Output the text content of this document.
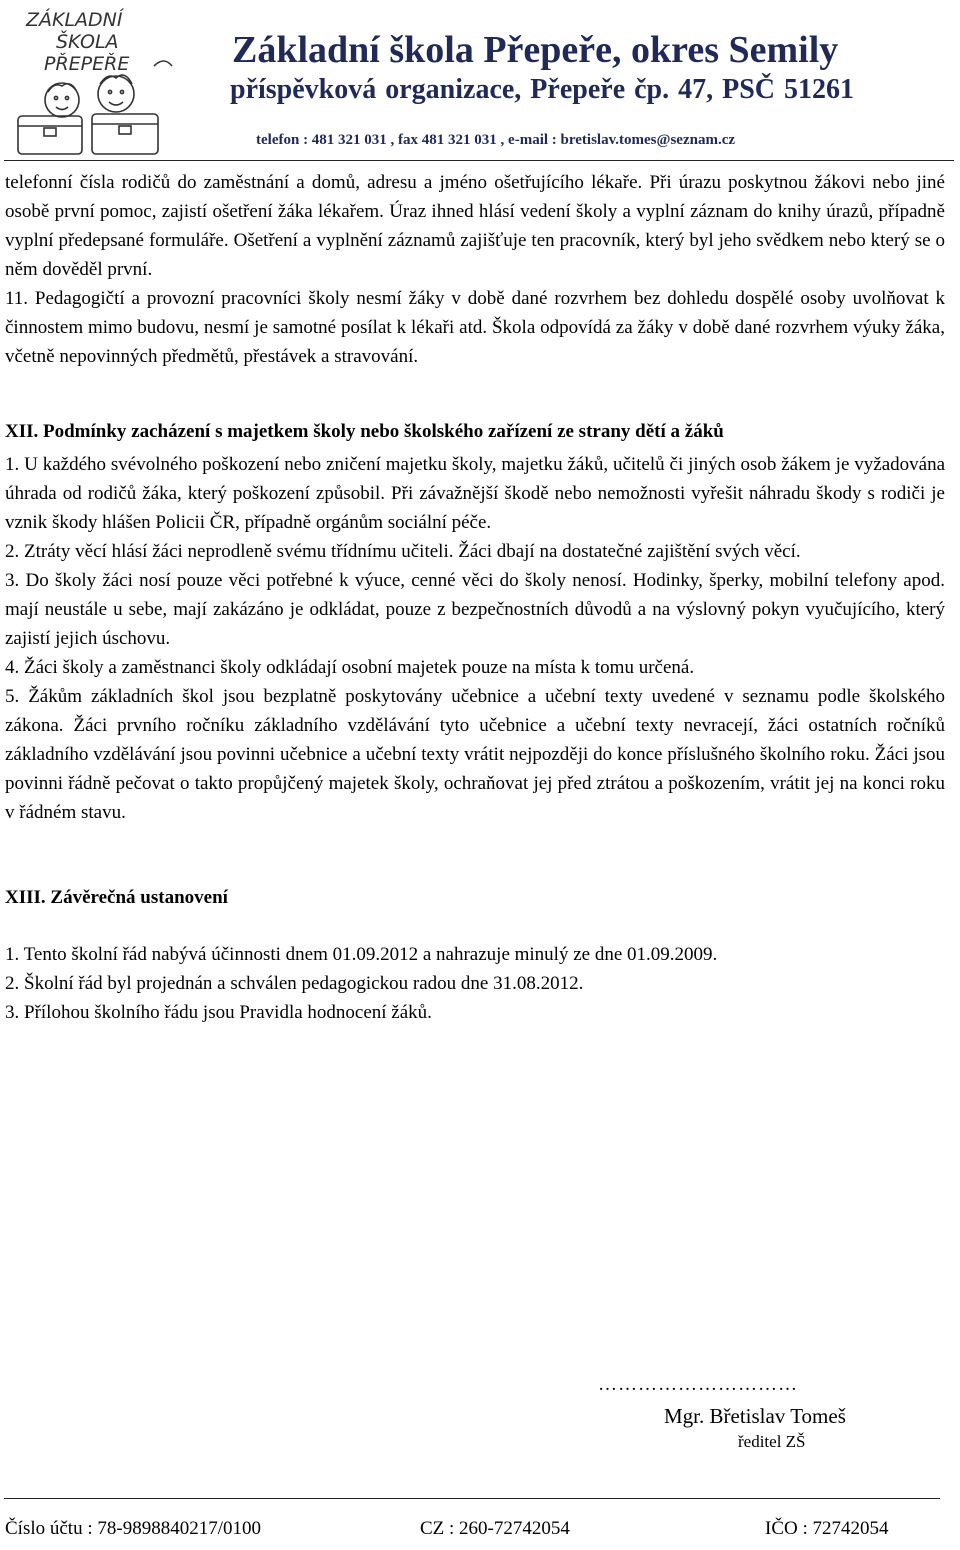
ZÁKLADNÍ
ŠKOLA
PŘEPEŘE	Základní škola Přepeře, okres Semily
příspěvková organizace, Přepeře čp. 47, PSČ 51261
telefon : 481 321 031 , fax 481 321 031 , e-mail : bretislav.tomes@seznam.cz

telefonní čísla rodičů do zaměstnání a domů, adresu a jméno ošetřujícího lékaře. Při úrazu poskytnou žákovi nebo jiné osobě první pomoc, zajistí ošetření žáka lékařem. Úraz ihned hlásí vedení školy a vyplní záznam do knihy úrazů, případně vyplní předepsané formuláře. Ošetření a vyplnění záznamů zajišťuje ten pracovník, který byl jeho svědkem nebo který se o něm dověděl první.

11. Pedagogičtí a provozní pracovníci školy nesmí žáky v době dané rozvrhem bez dohledu dospělé osoby uvolňovat k činnostem mimo budovu, nesmí je samotné posílat k lékaři atd. Škola odpovídá za žáky v době dané rozvrhem výuky žáka, včetně nepovinných předmětů, přestávek a stravování.

XII. Podmínky zacházení s majetkem školy nebo školského zařízení ze strany dětí a žáků

1. U každého svévolného poškození nebo zničení majetku školy, majetku žáků, učitelů či jiných osob žákem je vyžadována úhrada od rodičů žáka, který poškození způsobil. Při závažnější škodě nebo nemožnosti vyřešit náhradu škody s rodiči je vznik škody hlášen Policii ČR, případně orgánům sociální péče.

2. Ztráty věcí hlásí žáci neprodleně svému třídnímu učiteli. Žáci dbají na dostatečné zajištění svých věcí.

3. Do školy žáci nosí pouze věci potřebné k výuce, cenné věci do školy nenosí. Hodinky, šperky, mobilní telefony apod. mají neustále u sebe, mají zakázáno je odkládat, pouze z bezpečnostních důvodů a na výslovný pokyn vyučujícího, který zajistí jejich úschovu.

4. Žáci školy a zaměstnanci školy odkládají osobní majetek pouze na místa k tomu určená.

5. Žákům základních škol jsou bezplatně poskytovány učebnice a učební texty uvedené v seznamu podle školského zákona. Žáci prvního ročníku základního vzdělávání tyto učebnice a učební texty nevracejí, žáci ostatních ročníků základního vzdělávání jsou povinni učebnice a učební texty vrátit nejpozději do konce příslušného školního roku. Žáci jsou povinni řádně pečovat o takto propůjčený majetek školy, ochraňovat jej před ztrátou a poškozením, vrátit jej na konci roku v řádném stavu.

XIII. Závěrečná ustanovení

1. Tento školní řád nabývá účinnosti dnem 01.09.2012 a nahrazuje minulý ze dne 01.09.2009.

2. Školní řád byl projednán a schválen pedagogickou radou dne 31.08.2012.

3. Přílohou školního řádu jsou Pravidla hodnocení žáků.

…………………………
Mgr. Břetislav Tomeš
ředitel ZŠ
Číslo účtu : 78-9898840217/0100	CZ : 260-72742054	IČO : 72742054
